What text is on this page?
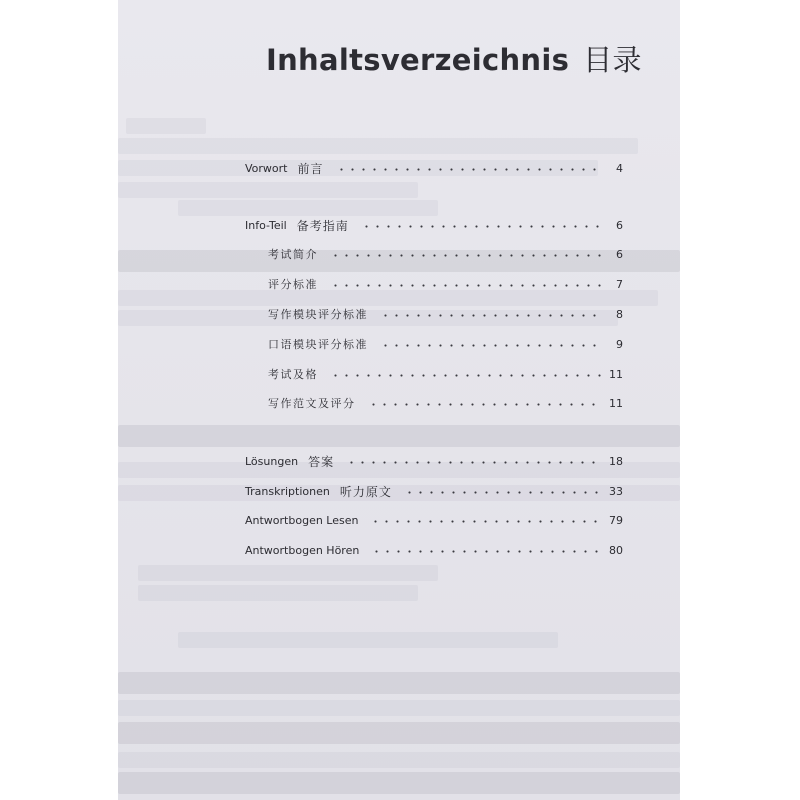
Inhaltsverzeichnis 目录
Vorwort 前言	4
Info-Teil 备考指南	6
考试简介	6
评分标准	7
写作模块评分标准	8
口语模块评分标准	9
考试及格	11
写作范文及评分	11
Lösungen 答案	18
Transkriptionen 听力原文	33
Antwortbogen Lesen	79
Antwortbogen Hören	80
